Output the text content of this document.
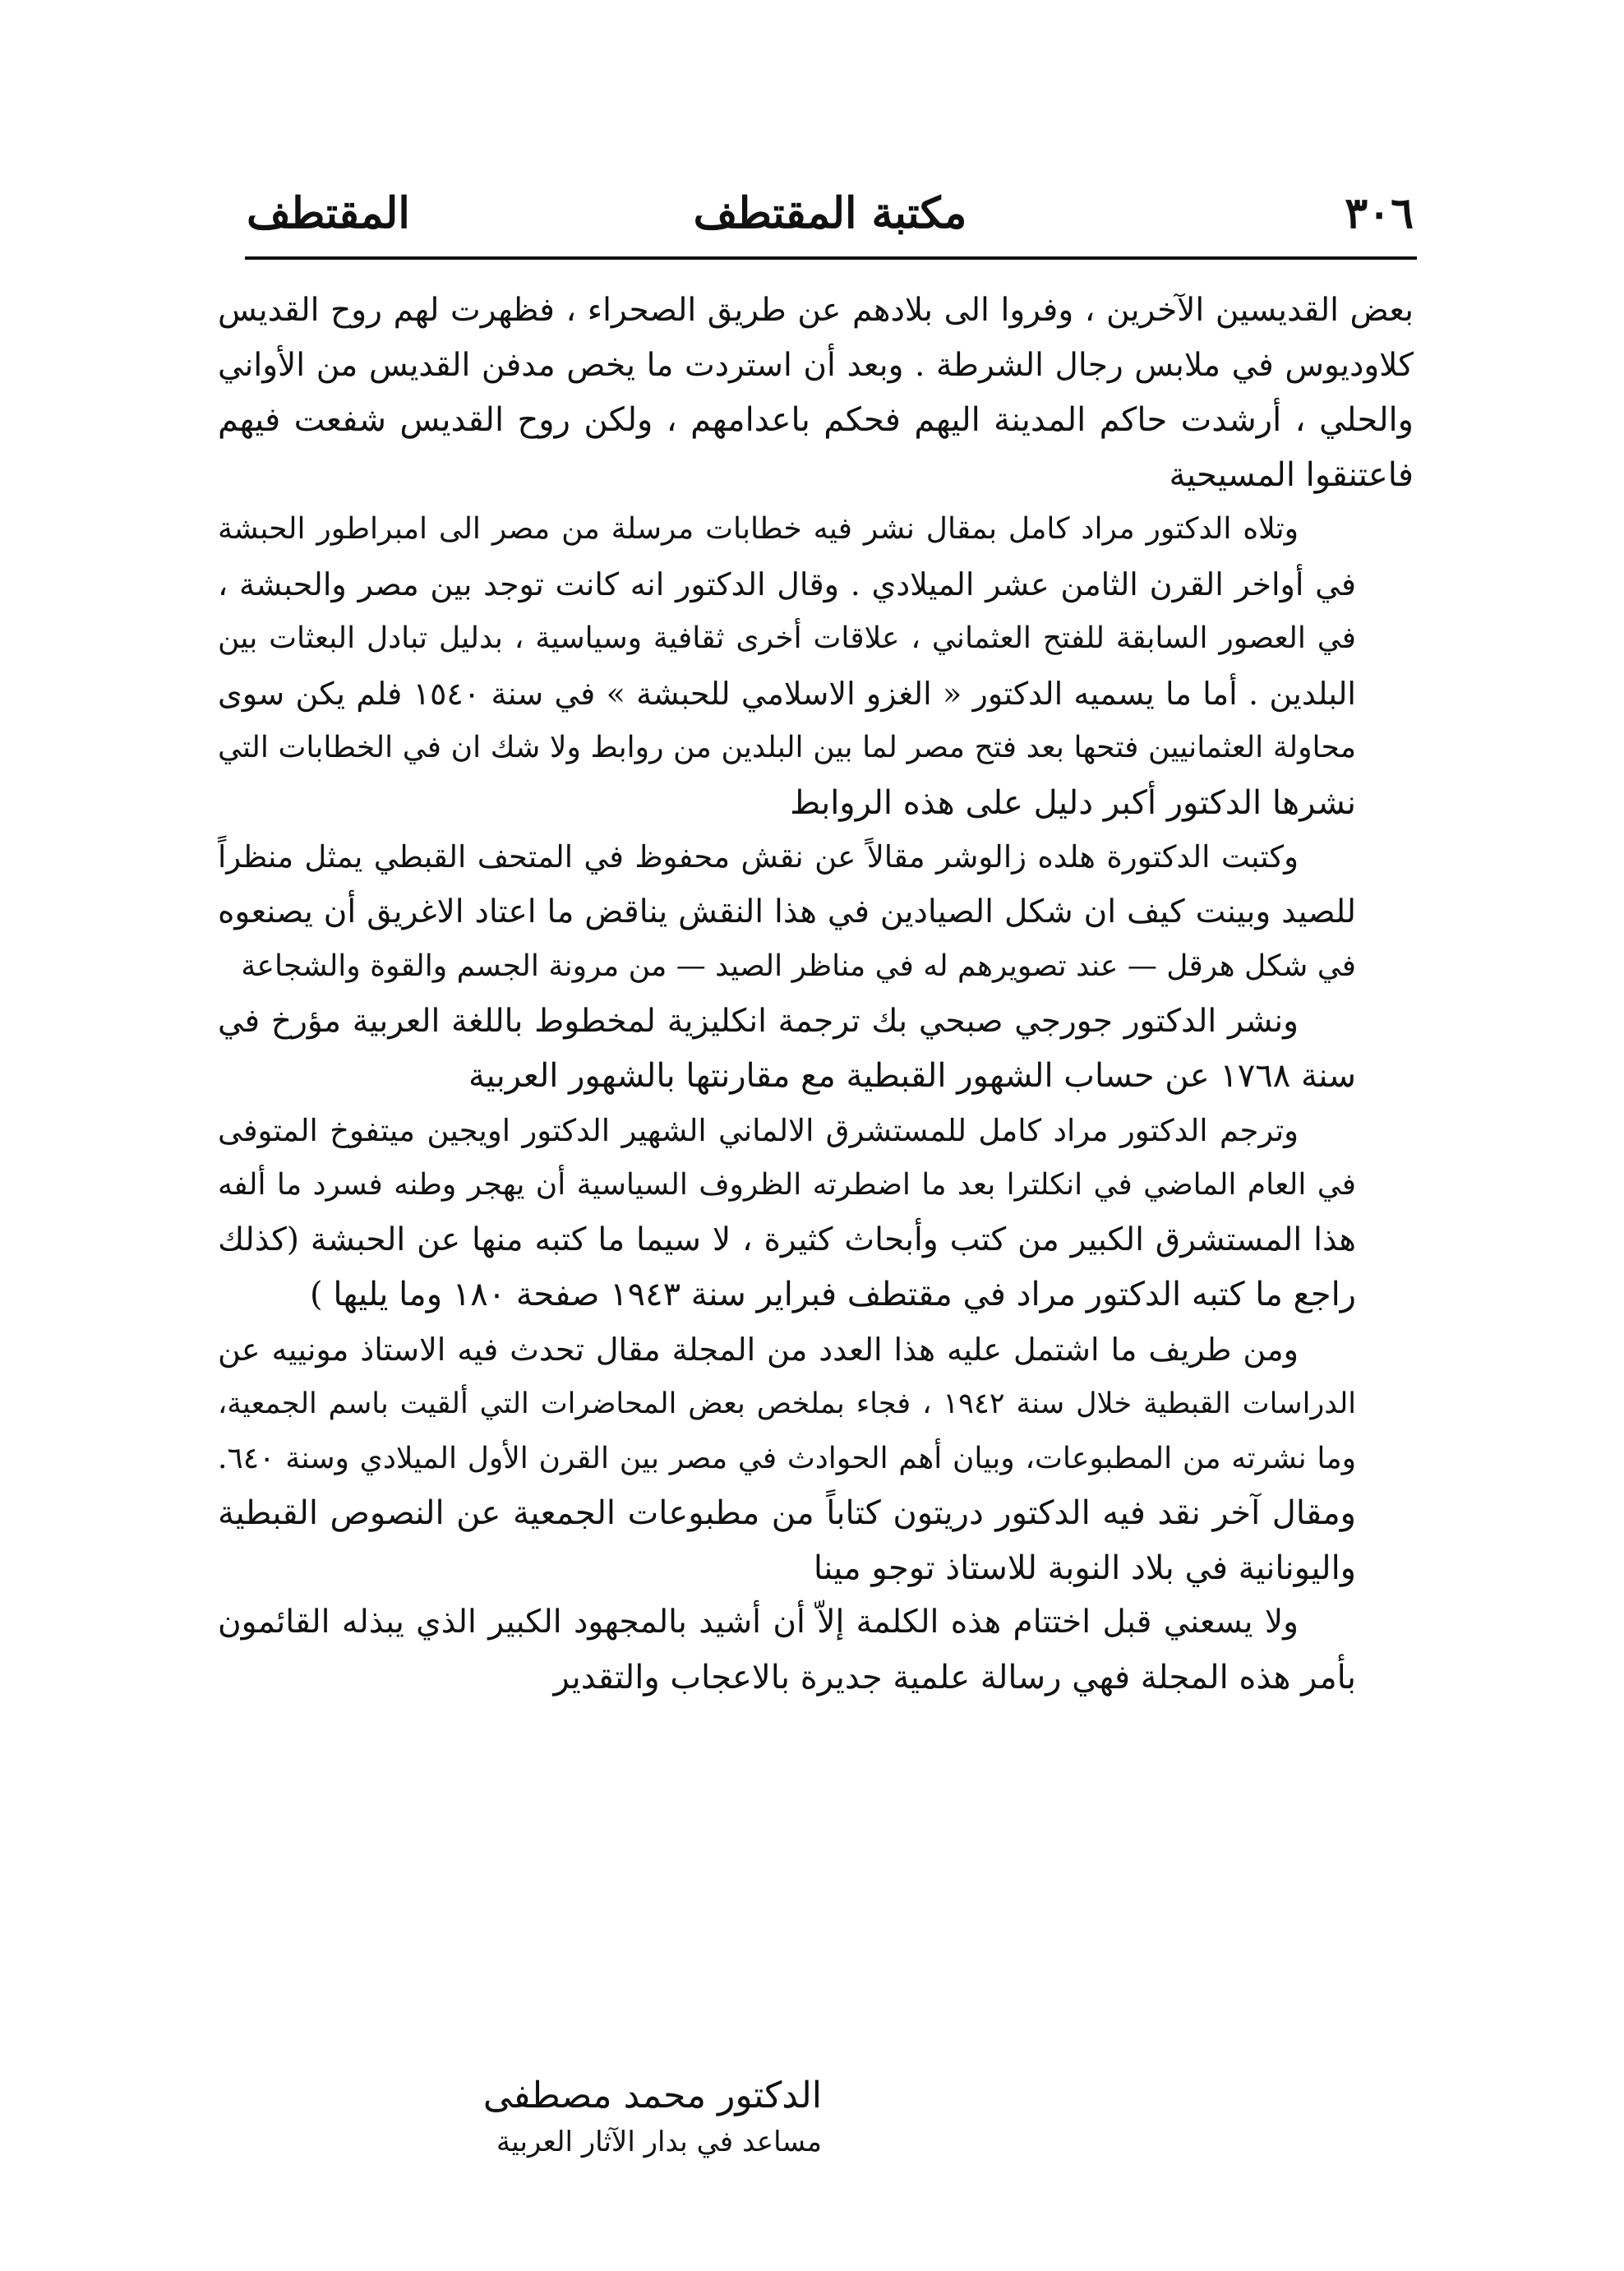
٣٠٦
مكتبة المقتطف
المقتطف
بعض القديسين الآخرين ، وفروا الى بلادهم عن طريق الصحراء ، فظهرت لهم روح القديس
كلاوديوس في ملابس رجال الشرطة . وبعد أن استردت ما يخص مدفن القديس من الأواني
والحلي ، أرشدت حاكم المدينة اليهم فحكم باعدامهم ، ولكن روح القديس شفعت فيهم
فاعتنقوا المسيحية
وتلاه الدكتور مراد كامل بمقال نشر فيه خطابات مرسلة من مصر الى امبراطور الحبشة
في أواخر القرن الثامن عشر الميلادي . وقال الدكتور انه كانت توجد بين مصر والحبشة ،
في العصور السابقة للفتح العثماني ، علاقات أخرى ثقافية وسياسية ، بدليل تبادل البعثات بين
البلدين . أما ما يسميه الدكتور « الغزو الاسلامي للحبشة » في سنة ١٥٤٠ فلم يكن سوى
محاولة العثمانيين فتحها بعد فتح مصر لما بين البلدين من روابط ولا شك ان في الخطابات التي
نشرها الدكتور أكبر دليل على هذه الروابط
وكتبت الدكتورة هلده زالوشر مقالاً عن نقش محفوظ في المتحف القبطي يمثل منظراً
للصيد وبينت كيف ان شكل الصيادين في هذا النقش يناقض ما اعتاد الاغريق أن يصنعوه
في شكل هرقل — عند تصويرهم له في مناظر الصيد — من مرونة الجسم والقوة والشجاعة
ونشر الدكتور جورجي صبحي بك ترجمة انكليزية لمخطوط باللغة العربية مؤرخ في
سنة ١٧٦٨ عن حساب الشهور القبطية مع مقارنتها بالشهور العربية
وترجم الدكتور مراد كامل للمستشرق الالماني الشهير الدكتور اويجين ميتفوخ المتوفى
في العام الماضي في انكلترا بعد ما اضطرته الظروف السياسية أن يهجر وطنه فسرد ما ألفه
هذا المستشرق الكبير من كتب وأبحاث كثيرة ، لا سيما ما كتبه منها عن الحبشة (كذلك
راجع ما كتبه الدكتور مراد في مقتطف فبراير سنة ١٩٤٣ صفحة ١٨٠ وما يليها )
ومن طريف ما اشتمل عليه هذا العدد من المجلة مقال تحدث فيه الاستاذ مونييه عن
الدراسات القبطية خلال سنة ١٩٤٢ ، فجاء بملخص بعض المحاضرات التي ألقيت باسم الجمعية،
وما نشرته من المطبوعات، وبيان أهم الحوادث في مصر بين القرن الأول الميلادي وسنة ٦٤٠.
ومقال آخر نقد فيه الدكتور دريتون كتاباً من مطبوعات الجمعية عن النصوص القبطية
واليونانية في بلاد النوبة للاستاذ توجو مينا
ولا يسعني قبل اختتام هذه الكلمة إلاّ أن أشيد بالمجهود الكبير الذي يبذله القائمون
بأمر هذه المجلة فهي رسالة علمية جديرة بالاعجاب والتقدير
الدكتور محمد مصطفى
مساعد في بدار الآثار العربية
